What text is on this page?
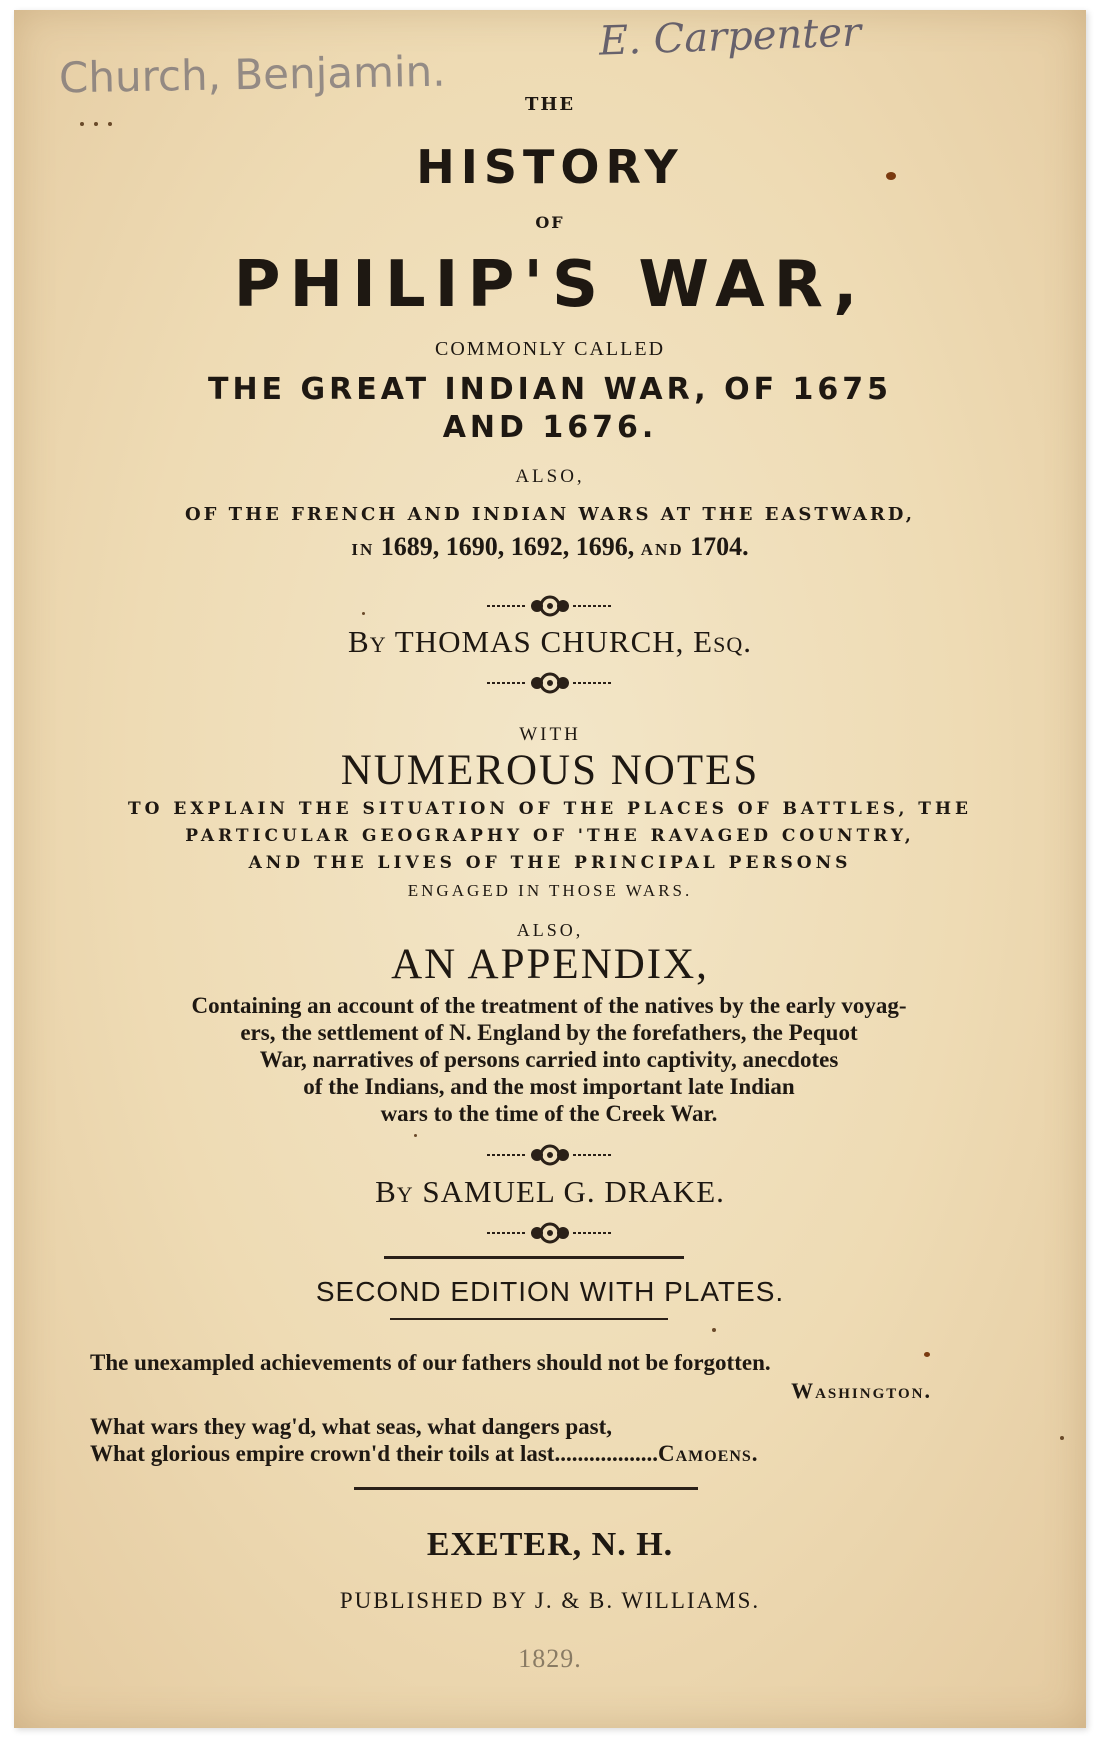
Church, Benjamin.
E. Carpenter
THE
HISTORY
OF
PHILIP'S WAR,
COMMONLY CALLED
THE GREAT INDIAN WAR, OF 1675
AND 1676.
ALSO,
OF THE FRENCH AND INDIAN WARS AT THE EASTWARD,
IN 1689, 1690, 1692, 1696, AND 1704.
By THOMAS CHURCH, Esq.
WITH
NUMEROUS NOTES
TO EXPLAIN THE SITUATION OF THE PLACES OF BATTLES, THE
PARTICULAR GEOGRAPHY OF 'THE RAVAGED COUNTRY,
AND THE LIVES OF THE PRINCIPAL PERSONS
ENGAGED IN THOSE WARS.
ALSO,
AN APPENDIX,
Containing an account of the treatment of the natives by the early voyag-
ers, the settlement of N. England by the forefathers, the Pequot
War, narratives of persons carried into captivity, anecdotes
of the Indians, and the most important late Indian
wars to the time of the Creek War.
By SAMUEL G. DRAKE.
SECOND EDITION WITH PLATES.
The unexampled achievements of our fathers should not be forgotten.
Washington.
What wars they wag'd, what seas, what dangers past,
What glorious empire crown'd their toils at last..................Camoens.
EXETER, N. H.
PUBLISHED BY J. & B. WILLIAMS.
1829.
